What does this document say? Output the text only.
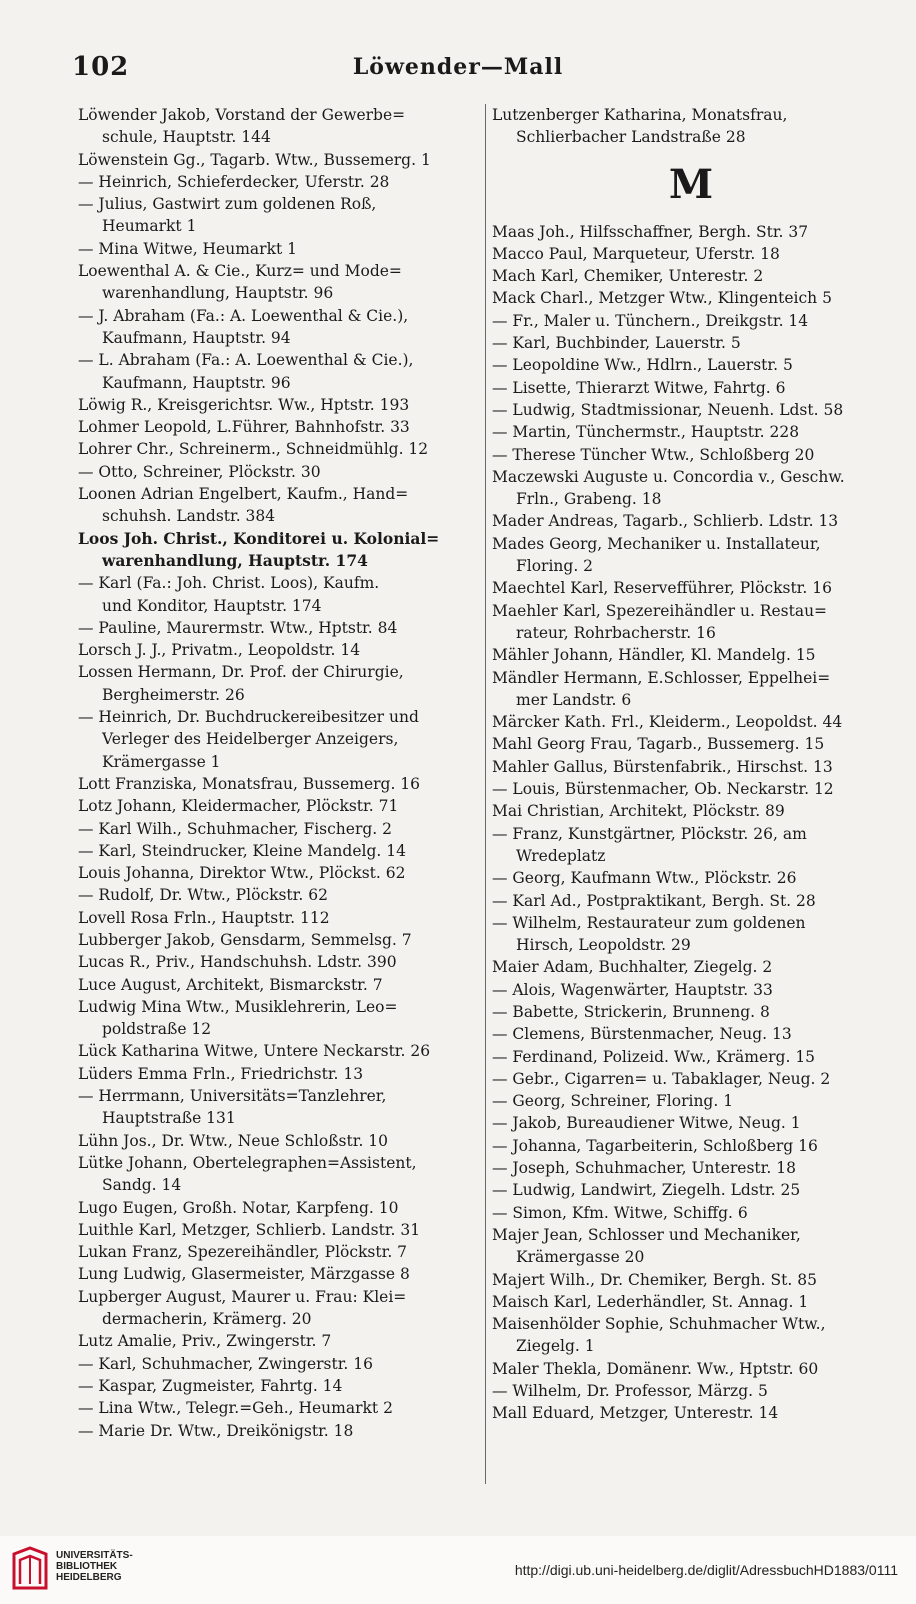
102	Löwender—Mall
Löwender Jakob, Vorstand der Gewerbe=
schule, Hauptstr. 144
Löwenstein Gg., Tagarb. Wtw., Bussemerg. 1
— Heinrich, Schieferdecker, Uferstr. 28
— Julius, Gastwirt zum goldenen Roß,
Heumarkt 1
— Mina Witwe, Heumarkt 1
Loewenthal A. & Cie., Kurz= und Mode=
warenhandlung, Hauptstr. 96
— J. Abraham (Fa.: A. Loewenthal & Cie.),
Kaufmann, Hauptstr. 94
— L. Abraham (Fa.: A. Loewenthal & Cie.),
Kaufmann, Hauptstr. 96
Löwig R., Kreisgerichtsr. Ww., Hptstr. 193
Lohmer Leopold, L.Führer, Bahnhofstr. 33
Lohrer Chr., Schreinerm., Schneidmühlg. 12
— Otto, Schreiner, Plöckstr. 30
Loonen Adrian Engelbert, Kaufm., Hand=
schuhsh. Landstr. 384
Loos Joh. Christ., Konditorei u. Kolonial=
warenhandlung, Hauptstr. 174
— Karl (Fa.: Joh. Christ. Loos), Kaufm.
und Konditor, Hauptstr. 174
— Pauline, Maurermstr. Wtw., Hptstr. 84
Lorsch J. J., Privatm., Leopoldstr. 14
Lossen Hermann, Dr. Prof. der Chirurgie,
Bergheimerstr. 26
— Heinrich, Dr. Buchdruckereibesitzer und
Verleger des Heidelberger Anzeigers,
Krämergasse 1
Lott Franziska, Monatsfrau, Bussemerg. 16
Lotz Johann, Kleidermacher, Plöckstr. 71
— Karl Wilh., Schuhmacher, Fischerg. 2
— Karl, Steindrucker, Kleine Mandelg. 14
Louis Johanna, Direktor Wtw., Plöckst. 62
— Rudolf, Dr. Wtw., Plöckstr. 62
Lovell Rosa Frln., Hauptstr. 112
Lubberger Jakob, Gensdarm, Semmelsg. 7
Lucas R., Priv., Handschuhsh. Ldstr. 390
Luce August, Architekt, Bismarckstr. 7
Ludwig Mina Wtw., Musiklehrerin, Leo=
poldstraße 12
Lück Katharina Witwe, Untere Neckarstr. 26
Lüders Emma Frln., Friedrichstr. 13
— Herrmann, Universitäts=Tanzlehrer,
Hauptstraße 131
Lühn Jos., Dr. Wtw., Neue Schloßstr. 10
Lütke Johann, Obertelegraphen=Assistent,
Sandg. 14
Lugo Eugen, Großh. Notar, Karpfeng. 10
Luithle Karl, Metzger, Schlierb. Landstr. 31
Lukan Franz, Spezereihändler, Plöckstr. 7
Lung Ludwig, Glasermeister, Märzgasse 8
Lupberger August, Maurer u. Frau: Klei=
dermacherin, Krämerg. 20
Lutz Amalie, Priv., Zwingerstr. 7
— Karl, Schuhmacher, Zwingerstr. 16
— Kaspar, Zugmeister, Fahrtg. 14
— Lina Wtw., Telegr.=Geh., Heumarkt 2
— Marie Dr. Wtw., Dreikönigstr. 18
Lutzenberger Katharina, Monatsfrau,
Schlierbacher Landstraße 28
M
Maas Joh., Hilfsschaffner, Bergh. Str. 37
Macco Paul, Marqueteur, Uferstr. 18
Mach Karl, Chemiker, Unterestr. 2
Mack Charl., Metzger Wtw., Klingenteich 5
— Fr., Maler u. Tünchern., Dreikgstr. 14
— Karl, Buchbinder, Lauerstr. 5
— Leopoldine Ww., Hdlrn., Lauerstr. 5
— Lisette, Thierarzt Witwe, Fahrtg. 6
— Ludwig, Stadtmissionar, Neuenh. Ldst. 58
— Martin, Tünchermstr., Hauptstr. 228
— Therese Tüncher Wtw., Schloßberg 20
Maczewski Auguste u. Concordia v., Geschw.
Frln., Grabeng. 18
Mader Andreas, Tagarb., Schlierb. Ldstr. 13
Mades Georg, Mechaniker u. Installateur,
Floring. 2
Maechtel Karl, Reservefführer, Plöckstr. 16
Maehler Karl, Spezereihändler u. Restau=
rateur, Rohrbacherstr. 16
Mähler Johann, Händler, Kl. Mandelg. 15
Mändler Hermann, E.Schlosser, Eppelhei=
mer Landstr. 6
Märcker Kath. Frl., Kleiderm., Leopoldst. 44
Mahl Georg Frau, Tagarb., Bussemerg. 15
Mahler Gallus, Bürstenfabrik., Hirschst. 13
— Louis, Bürstenmacher, Ob. Neckarstr. 12
Mai Christian, Architekt, Plöckstr. 89
— Franz, Kunstgärtner, Plöckstr. 26, am
Wredeplatz
— Georg, Kaufmann Wtw., Plöckstr. 26
— Karl Ad., Postpraktikant, Bergh. St. 28
— Wilhelm, Restaurateur zum goldenen
Hirsch, Leopoldstr. 29
Maier Adam, Buchhalter, Ziegelg. 2
— Alois, Wagenwärter, Hauptstr. 33
— Babette, Strickerin, Brunneng. 8
— Clemens, Bürstenmacher, Neug. 13
— Ferdinand, Polizeid. Ww., Krämerg. 15
— Gebr., Cigarren= u. Tabaklager, Neug. 2
— Georg, Schreiner, Floring. 1
— Jakob, Bureaudiener Witwe, Neug. 1
— Johanna, Tagarbeiterin, Schloßberg 16
— Joseph, Schuhmacher, Unterestr. 18
— Ludwig, Landwirt, Ziegelh. Ldstr. 25
— Simon, Kfm. Witwe, Schiffg. 6
Majer Jean, Schlosser und Mechaniker,
Krämergasse 20
Majert Wilh., Dr. Chemiker, Bergh. St. 85
Maisch Karl, Lederhändler, St. Annag. 1
Maisenhölder Sophie, Schuhmacher Wtw.,
Ziegelg. 1
Maler Thekla, Domänenr. Ww., Hptstr. 60
— Wilhelm, Dr. Professor, Märzg. 5
Mall Eduard, Metzger, Unterestr. 14
UNIVERSITÄTS-
BIBLIOTHEK
HEIDELBERG	http://digi.ub.uni-heidelberg.de/diglit/AdressbuchHD1883/0111
